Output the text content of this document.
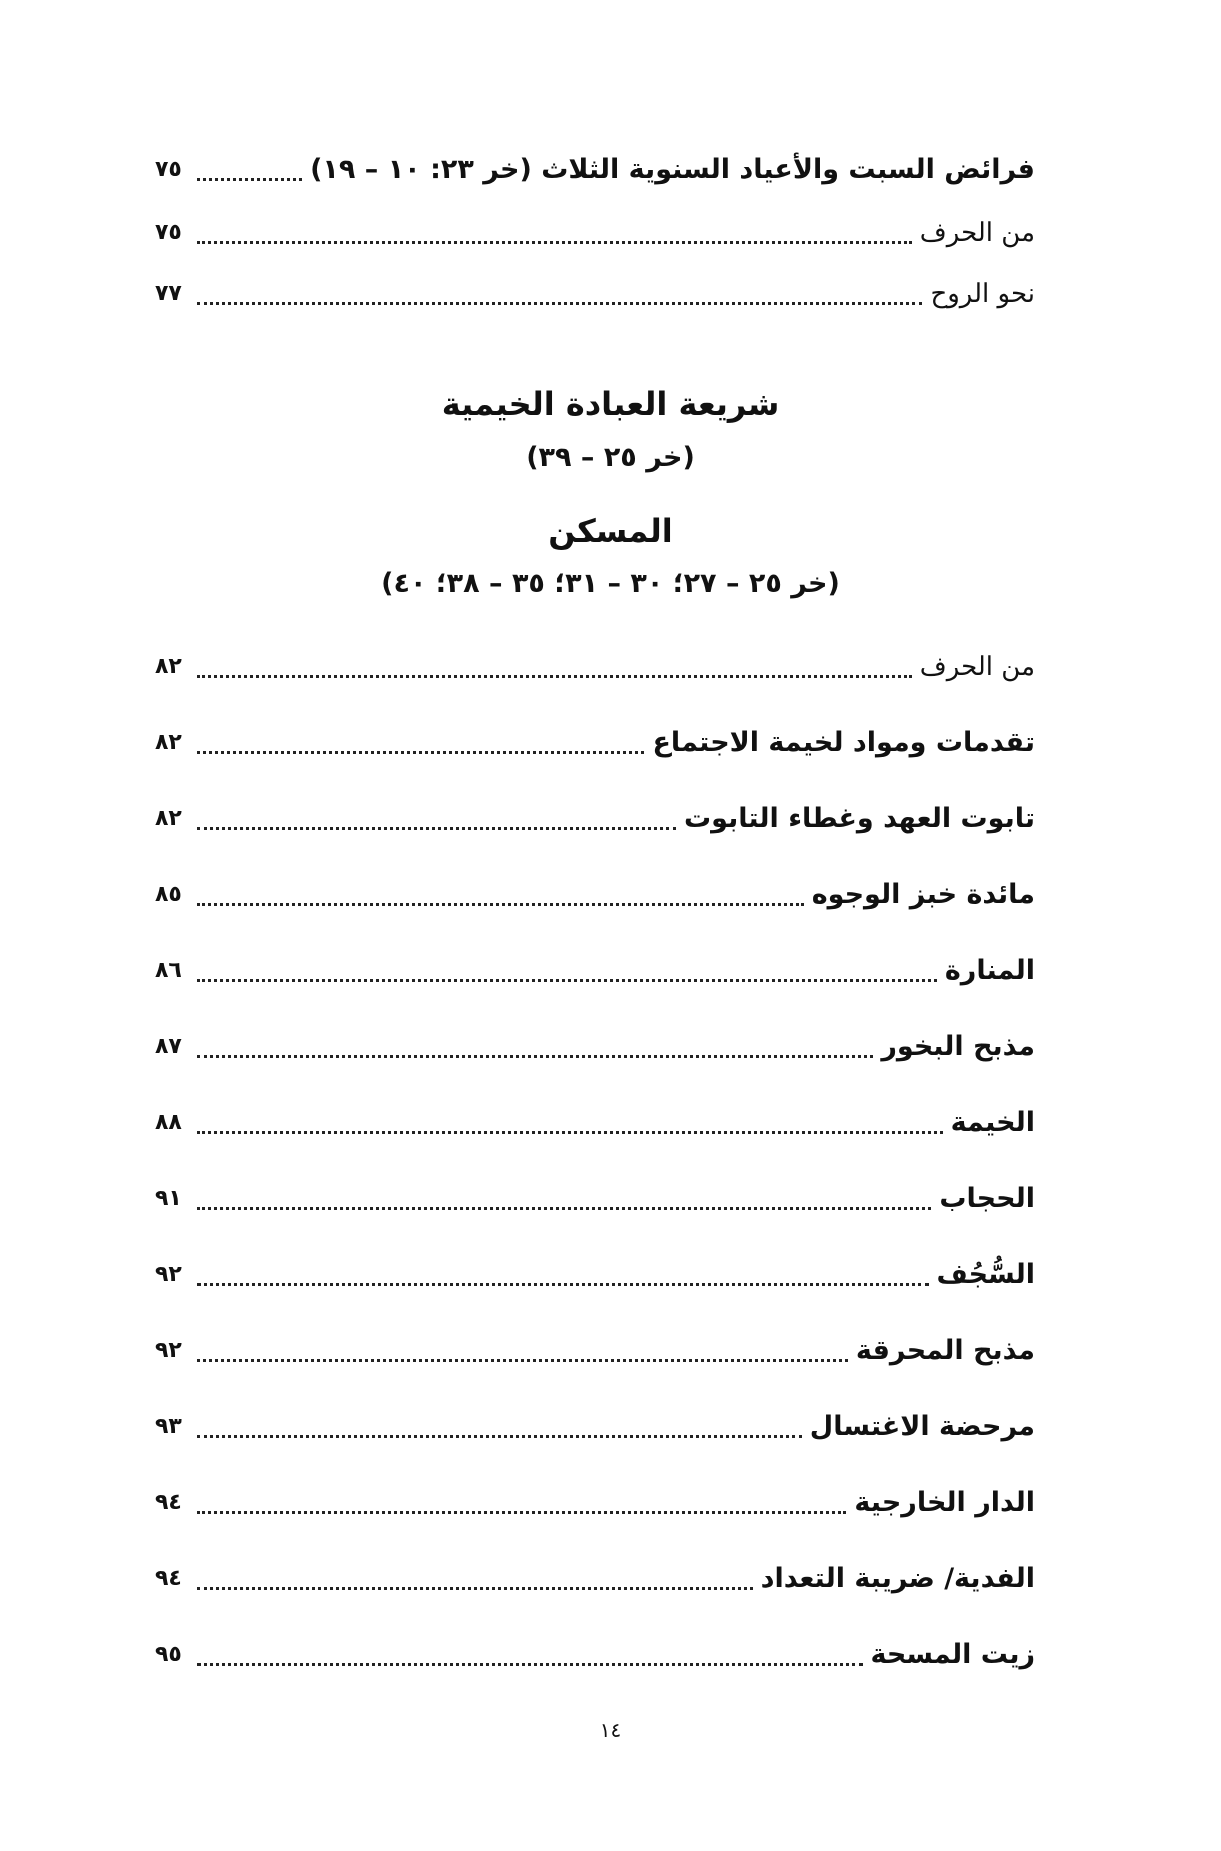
فرائض السبت والأعياد السنوية الثلاث (خر ٢٣: ١٠ – ١٩)
٧٥
من الحرف
٧٥
نحو الروح
٧٧
شريعة العبادة الخيمية
(خر ٢٥ – ٣٩)
المسكن
(خر ٢٥ – ٢٧؛ ٣٠ – ٣١؛ ٣٥ – ٣٨؛ ٤٠)
من الحرف
٨٢
تقدمات ومواد لخيمة الاجتماع
٨٢
تابوت العهد وغطاء التابوت
٨٢
مائدة خبز الوجوه
٨٥
المنارة
٨٦
مذبح البخور
٨٧
الخيمة
٨٨
الحجاب
٩١
السُّجُف
٩٢
مذبح المحرقة
٩٢
مرحضة الاغتسال
٩٣
الدار الخارجية
٩٤
الفدية/ ضريبة التعداد
٩٤
زيت المسحة
٩٥
١٤
